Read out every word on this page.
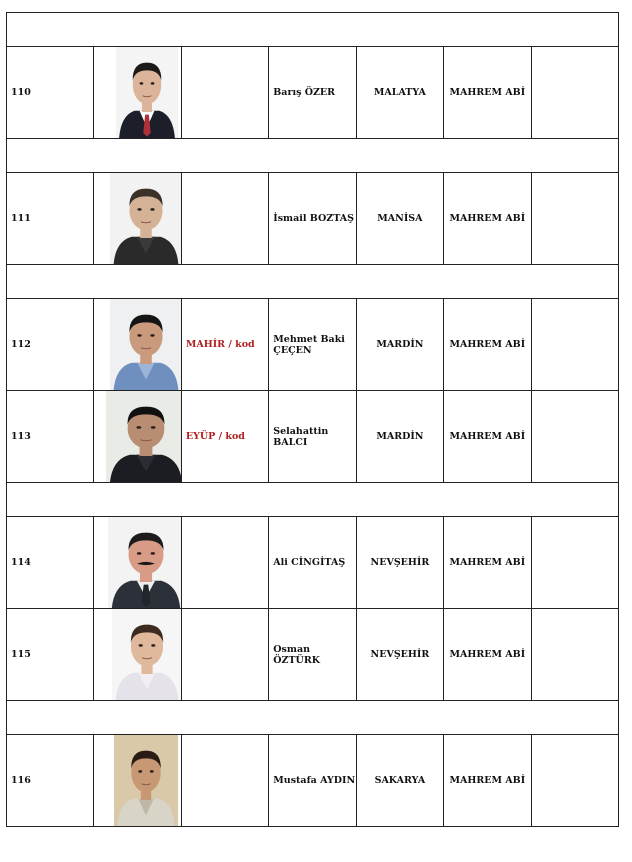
110			Barış ÖZER	MALATYA	MAHREM ABİ	

111			İsmail BOZTAŞ	MANİSA	MAHREM ABİ	

112		MAHİR / kod	Mehmet Baki ÇEÇEN	MARDİN	MAHREM ABİ	
113		EYÜP / kod	Selahattin BALCI	MARDİN	MAHREM ABİ	

114			Ali CİNGİTAŞ	NEVŞEHİR	MAHREM ABİ	
115			Osman ÖZTÜRK	NEVŞEHİR	MAHREM ABİ	

116			Mustafa AYDIN	SAKARYA	MAHREM ABİ	
